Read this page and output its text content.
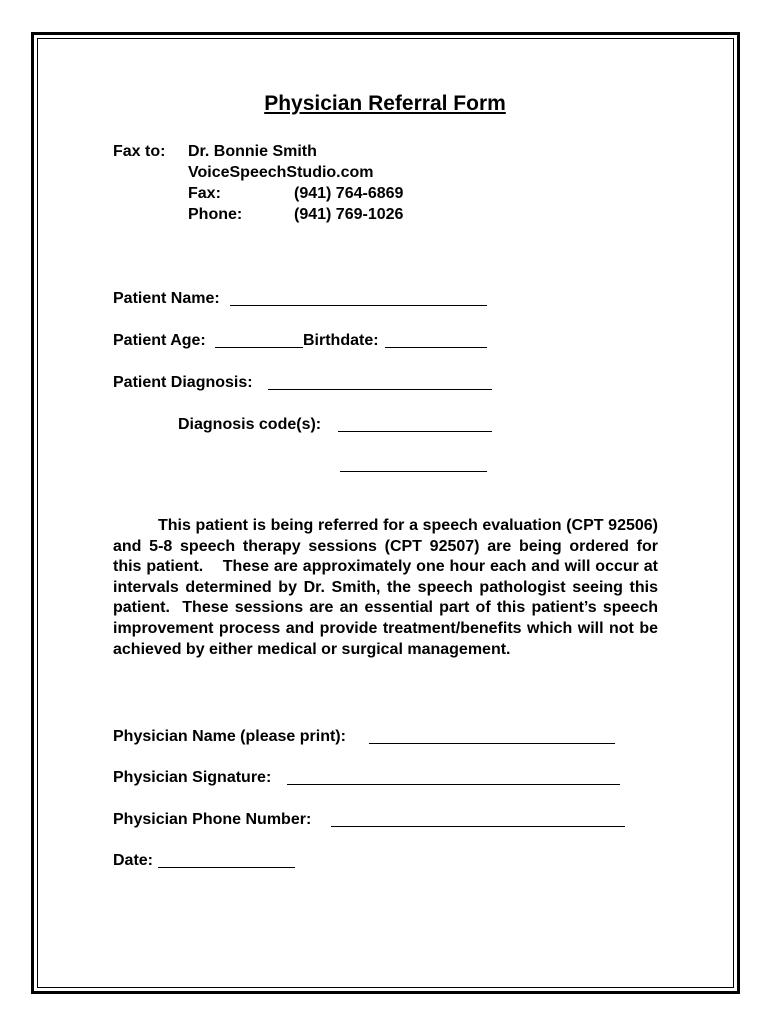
Physician Referral Form
Fax to: Dr. Bonnie Smith
VoiceSpeechStudio.com
Fax:	(941) 764-6869
Phone:	(941) 769-1026
Patient Name:
Patient Age:	Birthdate:
Patient Diagnosis:
Diagnosis code(s):
This patient is being referred for a speech evaluation (CPT 92506) and 5-8 speech therapy sessions (CPT 92507) are being ordered for this patient.    These are approximately one hour each and will occur at intervals determined by Dr. Smith, the speech pathologist seeing this patient.  These sessions are an essential part of this patient’s speech improvement process and provide treatment/benefits which will not be achieved by either medical or surgical management.
Physician Name (please print):
Physician Signature:
Physician Phone Number:
Date:
